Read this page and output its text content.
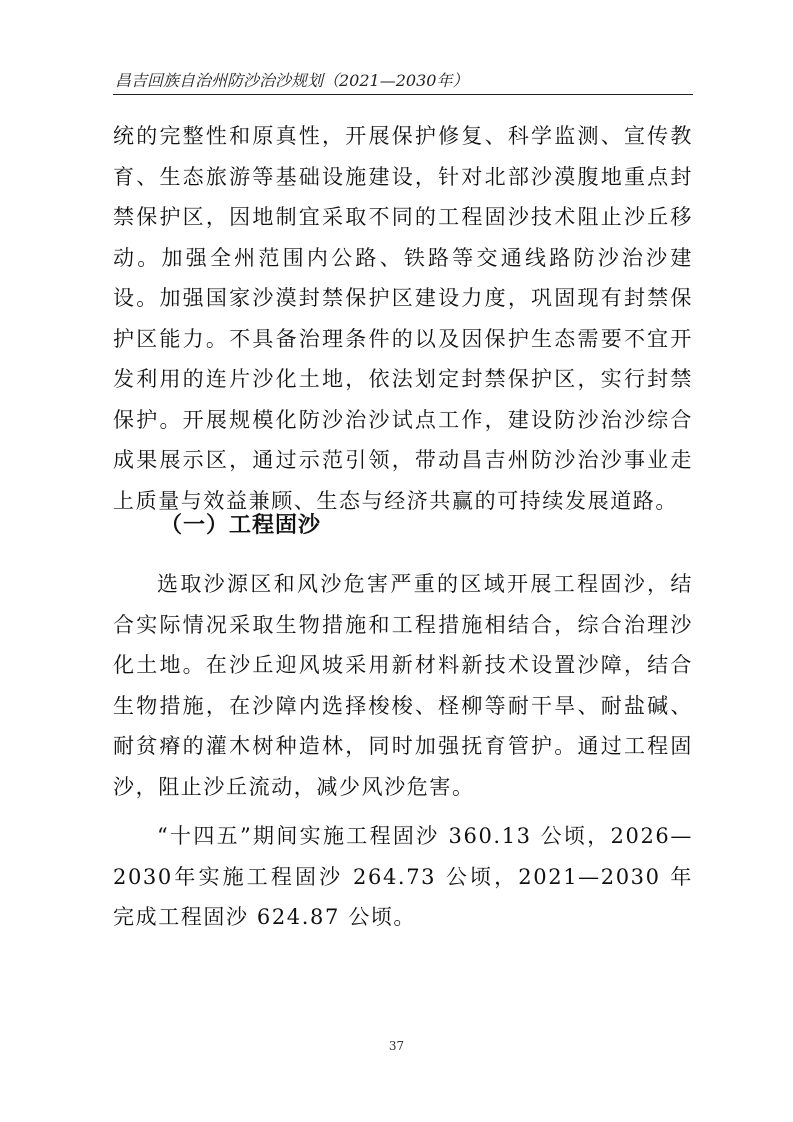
昌吉回族自治州防沙治沙规划（2021—2030年）

统的完整性和原真性，开展保护修复、科学监测、宣传教育、生态旅游等基础设施建设，针对北部沙漠腹地重点封禁保护区，因地制宜采取不同的工程固沙技术阻止沙丘移动。加强全州范围内公路、铁路等交通线路防沙治沙建设。加强国家沙漠封禁保护区建设力度，巩固现有封禁保护区能力。不具备治理条件的以及因保护生态需要不宜开发利用的连片沙化土地，依法划定封禁保护区，实行封禁保护。开展规模化防沙治沙试点工作，建设防沙治沙综合成果展示区，通过示范引领，带动昌吉州防沙治沙事业走上质量与效益兼顾、生态与经济共赢的可持续发展道路。

（一）工程固沙

选取沙源区和风沙危害严重的区域开展工程固沙，结合实际情况采取生物措施和工程措施相结合，综合治理沙化土地。在沙丘迎风坡采用新材料新技术设置沙障，结合生物措施，在沙障内选择梭梭、柽柳等耐干旱、耐盐碱、耐贫瘠的灌木树种造林，同时加强抚育管护。通过工程固沙，阻止沙丘流动，减少风沙危害。

“十四五”期间实施工程固沙 360.13 公顷，2026—2030年实施工程固沙 264.73 公顷，2021—2030 年完成工程固沙 624.87 公顷。

37
